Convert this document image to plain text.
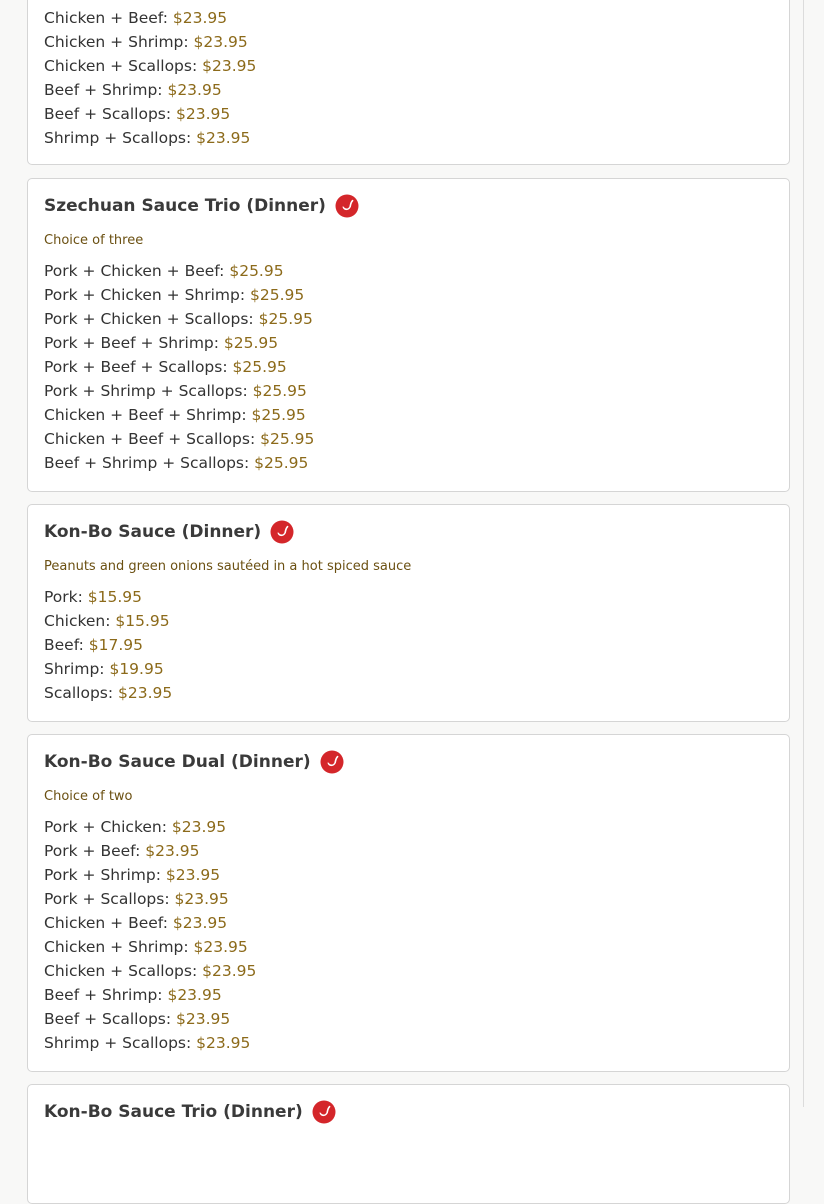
Chicken + Beef: $23.95
Chicken + Shrimp: $23.95
Chicken + Scallops: $23.95
Beef + Shrimp: $23.95
Beef + Scallops: $23.95
Shrimp + Scallops: $23.95
Szechuan Sauce Trio (Dinner)
Choice of three
Pork + Chicken + Beef: $25.95
Pork + Chicken + Shrimp: $25.95
Pork + Chicken + Scallops: $25.95
Pork + Beef + Shrimp: $25.95
Pork + Beef + Scallops: $25.95
Pork + Shrimp + Scallops: $25.95
Chicken + Beef + Shrimp: $25.95
Chicken + Beef + Scallops: $25.95
Beef + Shrimp + Scallops: $25.95
Kon-Bo Sauce (Dinner)
Peanuts and green onions sautéed in a hot spiced sauce
Pork: $15.95
Chicken: $15.95
Beef: $17.95
Shrimp: $19.95
Scallops: $23.95
Kon-Bo Sauce Dual (Dinner)
Choice of two
Pork + Chicken: $23.95
Pork + Beef: $23.95
Pork + Shrimp: $23.95
Pork + Scallops: $23.95
Chicken + Beef: $23.95
Chicken + Shrimp: $23.95
Chicken + Scallops: $23.95
Beef + Shrimp: $23.95
Beef + Scallops: $23.95
Shrimp + Scallops: $23.95
Kon-Bo Sauce Trio (Dinner)
